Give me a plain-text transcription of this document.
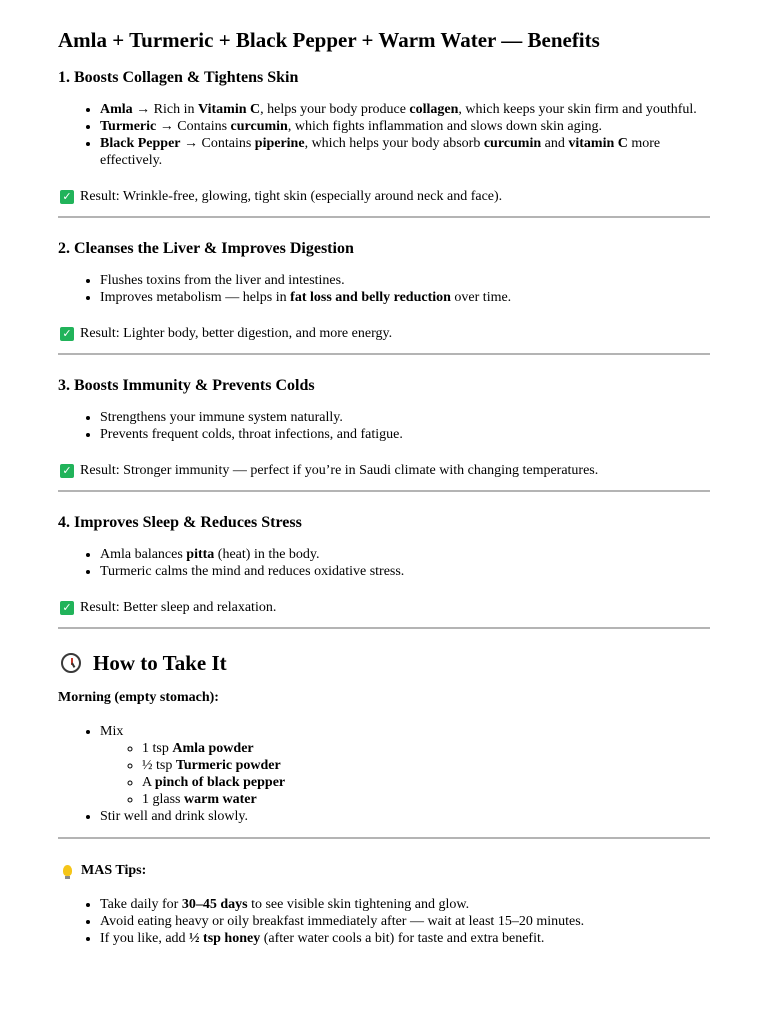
Amla + Turmeric + Black Pepper + Warm Water — Benefits
1. Boosts Collagen & Tightens Skin
• Amla → Rich in Vitamin C, helps your body produce collagen, which keeps your skin firm and youthful.
• Turmeric → Contains curcumin, which fights inflammation and slows down skin aging.
• Black Pepper → Contains piperine, which helps your body absorb curcumin and vitamin C more effectively.
✓ Result: Wrinkle-free, glowing, tight skin (especially around neck and face).
2. Cleanses the Liver & Improves Digestion
• Flushes toxins from the liver and intestines.
• Improves metabolism — helps in fat loss and belly reduction over time.
✓ Result: Lighter body, better digestion, and more energy.
3. Boosts Immunity & Prevents Colds
• Strengthens your immune system naturally.
• Prevents frequent colds, throat infections, and fatigue.
✓ Result: Stronger immunity — perfect if you’re in Saudi climate with changing temperatures.
4. Improves Sleep & Reduces Stress
• Amla balances pitta (heat) in the body.
• Turmeric calms the mind and reduces oxidative stress.
✓ Result: Better sleep and relaxation.
How to Take It
Morning (empty stomach):
• Mix
◦ 1 tsp Amla powder
◦ ½ tsp Turmeric powder
◦ A pinch of black pepper
◦ 1 glass warm water
• Stir well and drink slowly.
MAS Tips:
• Take daily for 30–45 days to see visible skin tightening and glow.
• Avoid eating heavy or oily breakfast immediately after — wait at least 15–20 minutes.
• If you like, add ½ tsp honey (after water cools a bit) for taste and extra benefit.
